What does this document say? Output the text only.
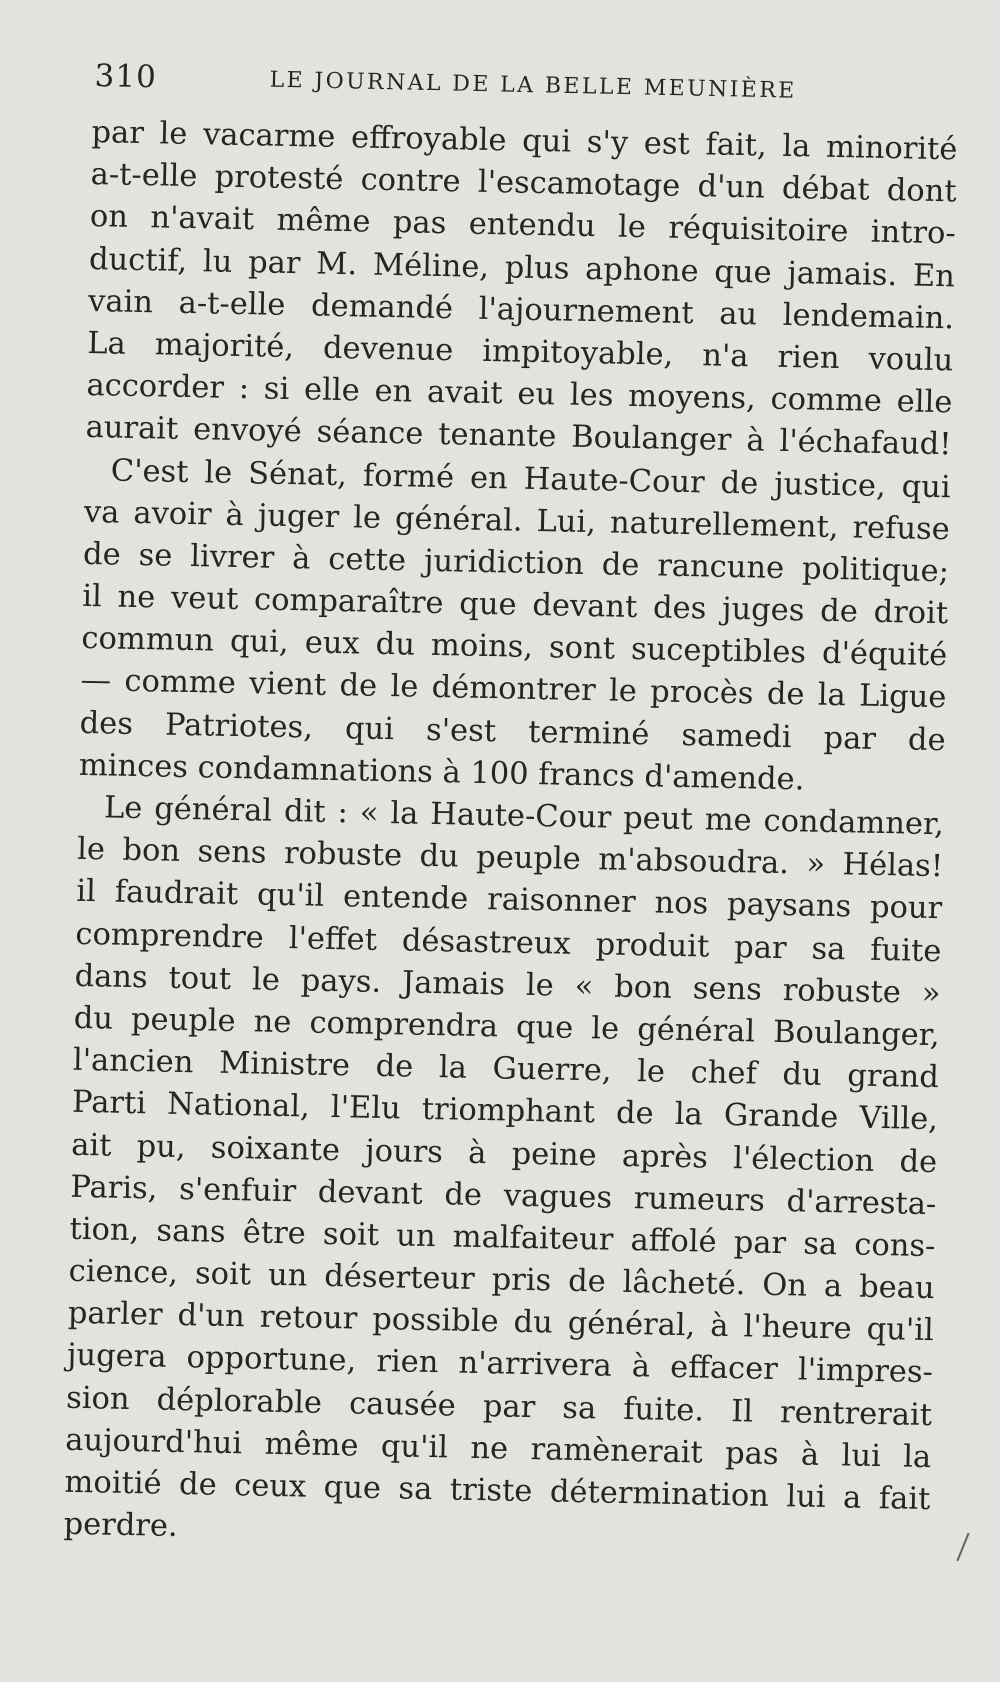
310	LE JOURNAL DE LA BELLE MEUNIÈRE
par le vacarme effroyable qui s'y est fait, la minorité
a-t-elle protesté contre l'escamotage d'un débat dont
on n'avait même pas entendu le réquisitoire intro-
ductif, lu par M. Méline, plus aphone que jamais. En
vain a-t-elle demandé l'ajournement au lendemain.
La majorité, devenue impitoyable, n'a rien voulu
accorder : si elle en avait eu les moyens, comme elle
aurait envoyé séance tenante Boulanger à l'échafaud!
C'est le Sénat, formé en Haute-Cour de justice, qui
va avoir à juger le général. Lui, naturellement, refuse
de se livrer à cette juridiction de rancune politique;
il ne veut comparaître que devant des juges de droit
commun qui, eux du moins, sont suceptibles d'équité
— comme vient de le démontrer le procès de la Ligue
des Patriotes, qui s'est terminé samedi par de
minces condamnations à 100 francs d'amende.
Le général dit : « la Haute-Cour peut me condamner,
le bon sens robuste du peuple m'absoudra. » Hélas!
il faudrait qu'il entende raisonner nos paysans pour
comprendre l'effet désastreux produit par sa fuite
dans tout le pays. Jamais le « bon sens robuste »
du peuple ne comprendra que le général Boulanger,
l'ancien Ministre de la Guerre, le chef du grand
Parti National, l'Elu triomphant de la Grande Ville,
ait pu, soixante jours à peine après l'élection de
Paris, s'enfuir devant de vagues rumeurs d'arresta-
tion, sans être soit un malfaiteur affolé par sa cons-
cience, soit un déserteur pris de lâcheté. On a beau
parler d'un retour possible du général, à l'heure qu'il
jugera opportune, rien n'arrivera à effacer l'impres-
sion déplorable causée par sa fuite. Il rentrerait
aujourd'hui même qu'il ne ramènerait pas à lui la
moitié de ceux que sa triste détermination lui a fait
perdre.
